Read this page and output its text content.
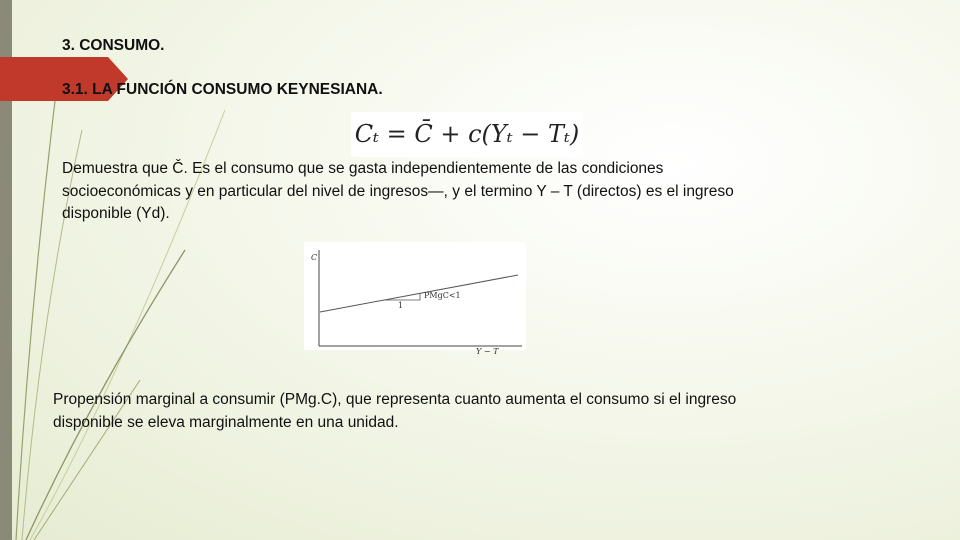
3. CONSUMO.
3.1. LA FUNCIÓN CONSUMO KEYNESIANA.
Cₜ = C̄ + c(Yₜ − Tₜ)

Demuestra que Č. Es el consumo que se gasta independientemente de las condiciones
socioeconómicas y en particular del nivel de ingresos—, y el termino Y – T (directos) es el ingreso
disponible (Yd).

C
Y − T
PMgC<1
1

Propensión marginal a consumir (PMg.C), que representa cuanto aumenta el consumo si el ingreso
disponible se eleva marginalmente en una unidad.
